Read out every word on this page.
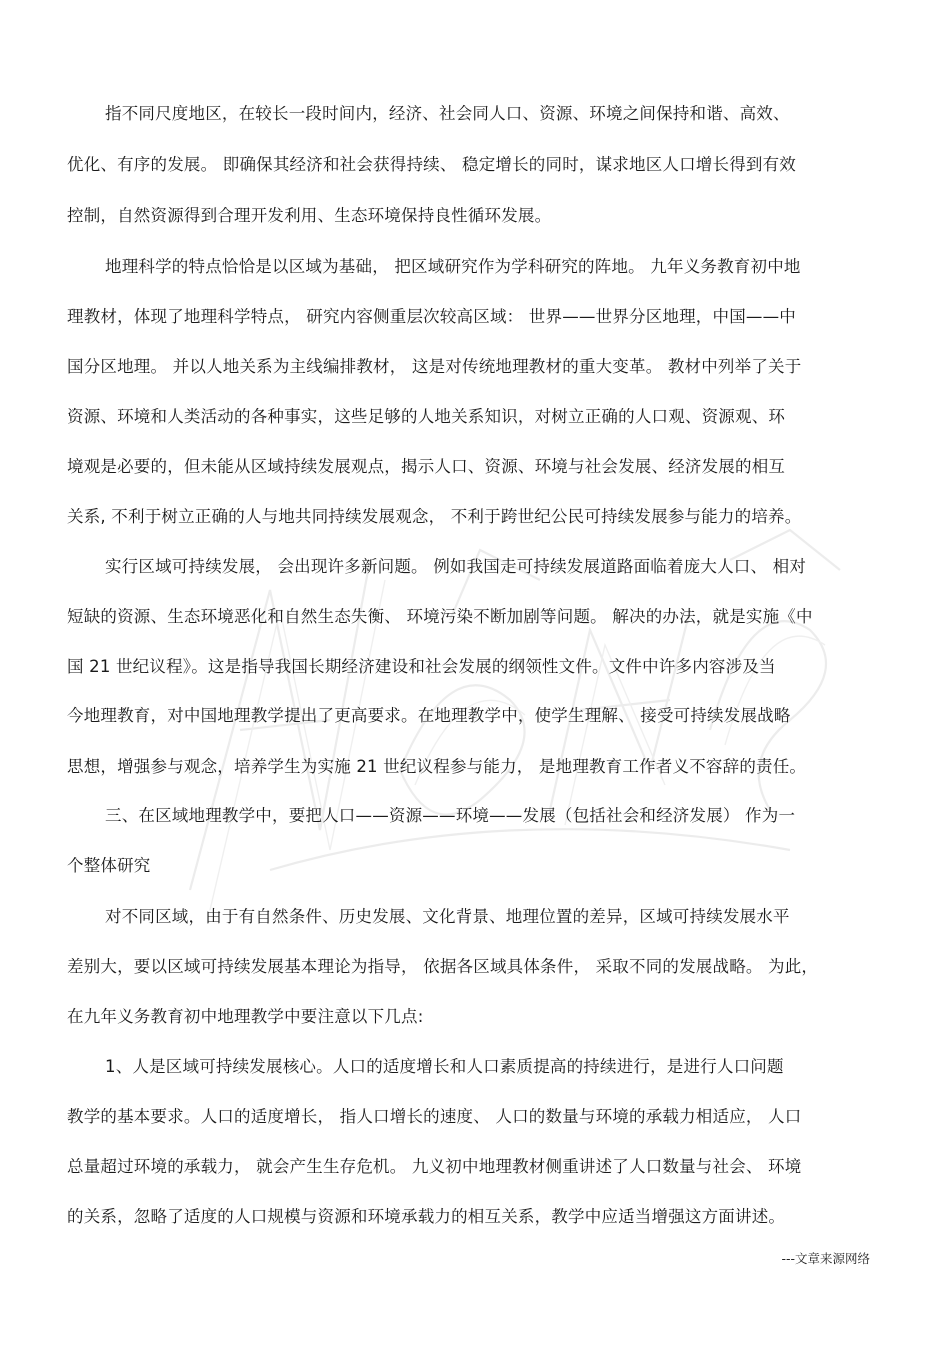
指不同尺度地区，在较长一段时间内，经济、社会同人口、资源、环境之间保持和谐、高效、
优化、有序的发展。 即确保其经济和社会获得持续、 稳定增长的同时，谋求地区人口增长得到有效
控制，自然资源得到合理开发利用、生态环境保持良性循环发展。
地理科学的特点恰恰是以区域为基础， 把区域研究作为学科研究的阵地。 九年义务教育初中地
理教材，体现了地理科学特点， 研究内容侧重层次较高区域： 世界——世界分区地理，中国——中
国分区地理。 并以人地关系为主线编排教材， 这是对传统地理教材的重大变革。 教材中列举了关于
资源、环境和人类活动的各种事实，这些足够的人地关系知识，对树立正确的人口观、资源观、环
境观是必要的，但未能从区域持续发展观点，揭示人口、资源、环境与社会发展、经济发展的相互
关系, 不利于树立正确的人与地共同持续发展观念， 不利于跨世纪公民可持续发展参与能力的培养。
实行区域可持续发展， 会出现许多新问题。 例如我国走可持续发展道路面临着庞大人口、 相对
短缺的资源、生态环境恶化和自然生态失衡、 环境污染不断加剧等问题。 解决的办法，就是实施《中
国 21 世纪议程》。这是指导我国长期经济建设和社会发展的纲领性文件。文件中许多内容涉及当
今地理教育，对中国地理教学提出了更高要求。在地理教学中，使学生理解、 接受可持续发展战略
思想，增强参与观念，培养学生为实施 21 世纪议程参与能力， 是地理教育工作者义不容辞的责任。
三、在区域地理教学中，要把人口——资源——环境——发展（包括社会和经济发展） 作为一
个整体研究
对不同区域，由于有自然条件、历史发展、文化背景、地理位置的差异，区域可持续发展水平
差别大，要以区域可持续发展基本理论为指导， 依据各区域具体条件， 采取不同的发展战略。 为此，
在九年义务教育初中地理教学中要注意以下几点:
1、人是区域可持续发展核心。人口的适度增长和人口素质提高的持续进行，是进行人口问题
教学的基本要求。人口的适度增长， 指人口增长的速度、 人口的数量与环境的承载力相适应， 人口
总量超过环境的承载力， 就会产生生存危机。 九义初中地理教材侧重讲述了人口数量与社会、 环境
的关系，忽略了适度的人口规模与资源和环境承载力的相互关系，教学中应适当增强这方面讲述。
---文章来源网络
